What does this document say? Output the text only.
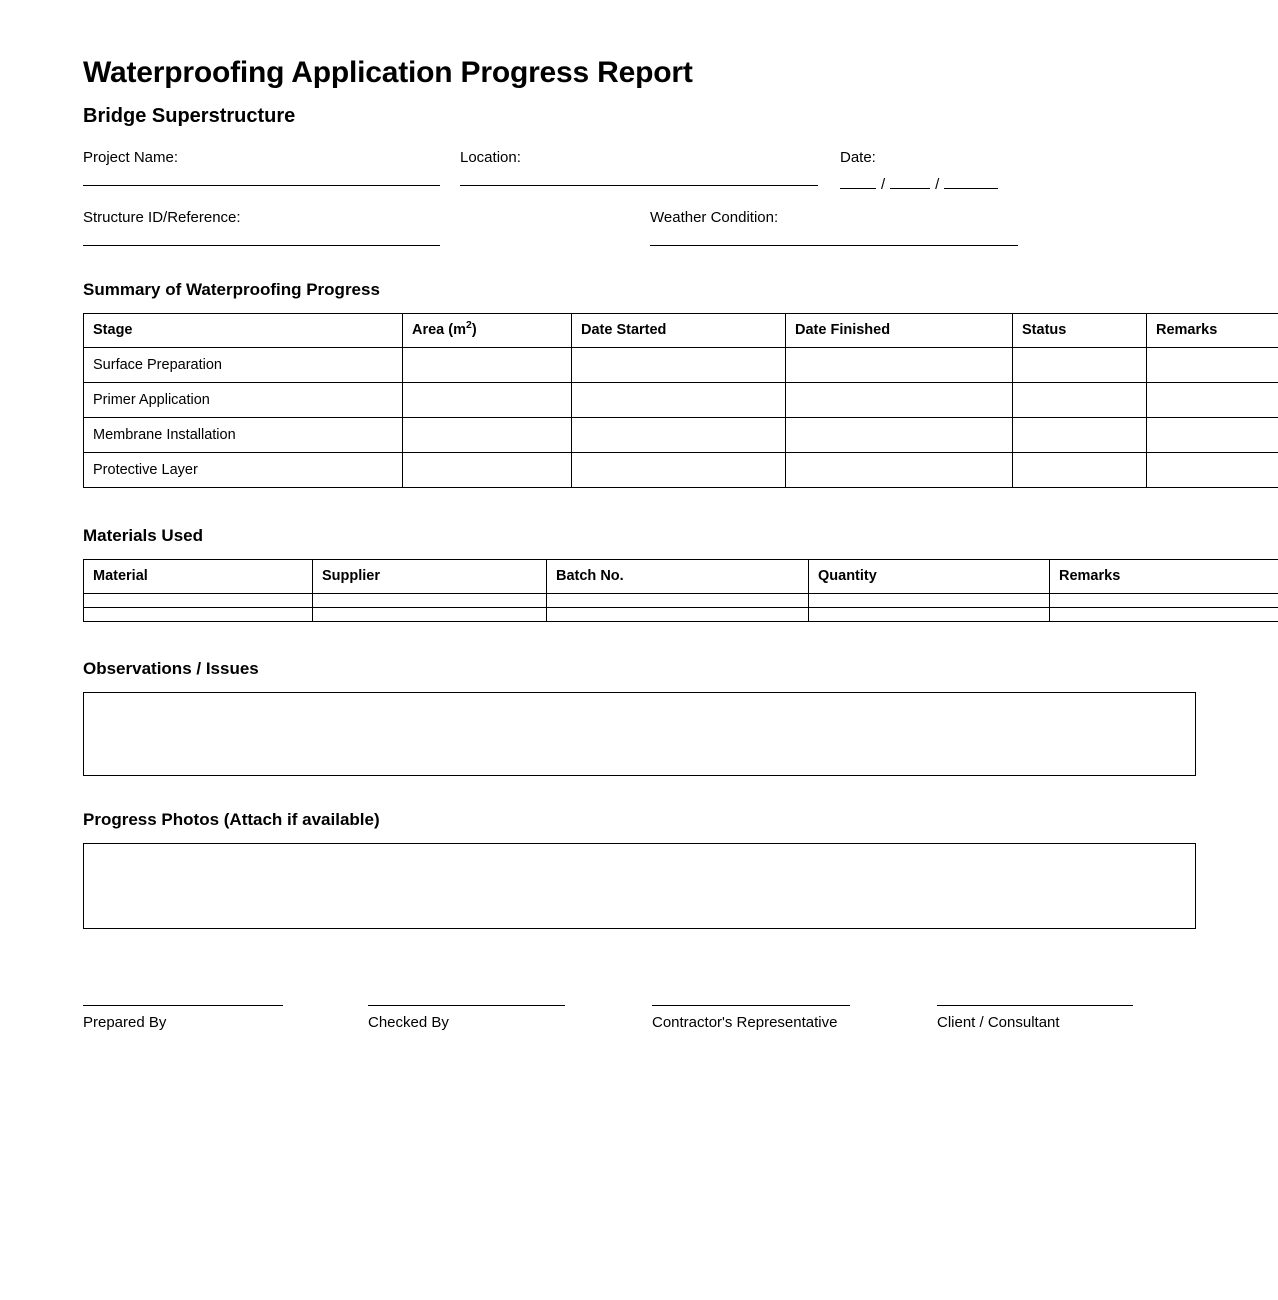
Waterproofing Application Progress Report
Bridge Superstructure
Project Name:	Location:	Date:
/	/
Structure ID/Reference:	Weather Condition:
Summary of Waterproofing Progress
Stage	Area $(m^2)$	Date Started	Date Finished	Status	Remarks
Surface Preparation					
Primer Application					
Membrane Installation					
Protective Layer					
Materials Used
Material	Supplier	Batch No.	Quantity	Remarks

Observations / Issues
Progress Photos (Attach if available)
Prepared By	Checked By	Contractor's Representative	Client / Consultant
